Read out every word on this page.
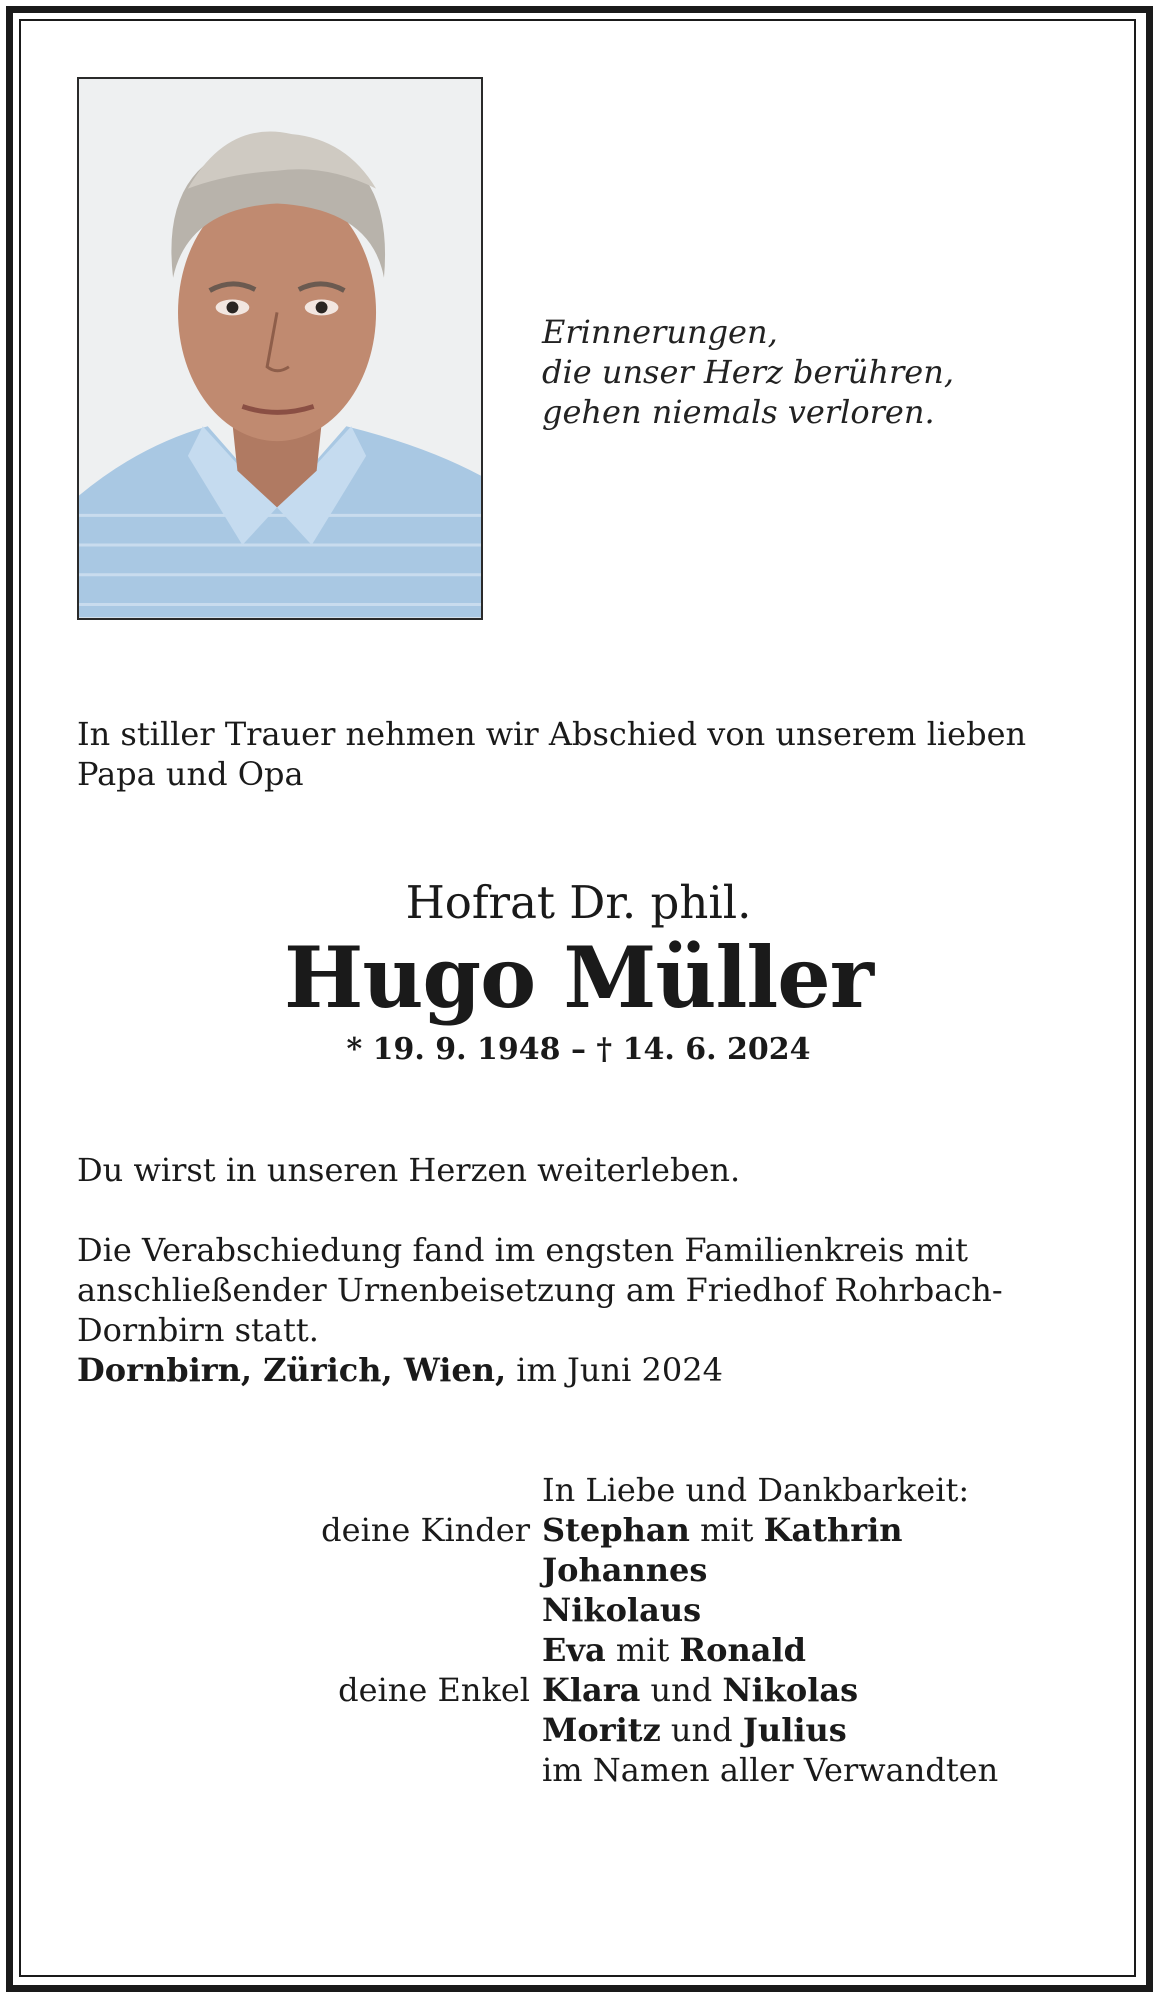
Erinnerungen,
die unser Herz berühren,
gehen niemals verloren.
In stiller Trauer nehmen wir Abschied von unserem lieben Papa und Opa
Hofrat Dr. phil.
Hugo Müller
* 19. 9. 1948 – † 14. 6. 2024
Du wirst in unseren Herzen weiterleben.
Die Verabschiedung fand im engsten Familienkreis mit anschließender Urnenbeisetzung am Friedhof Rohrbach-Dornbirn statt.
Dornbirn, Zürich, Wien, im Juni 2024
In Liebe und Dankbarkeit:
deine Kinder Stephan mit Kathrin
Johannes
Nikolaus
Eva mit Ronald
deine Enkel Klara und Nikolas
Moritz und Julius
im Namen aller Verwandten
